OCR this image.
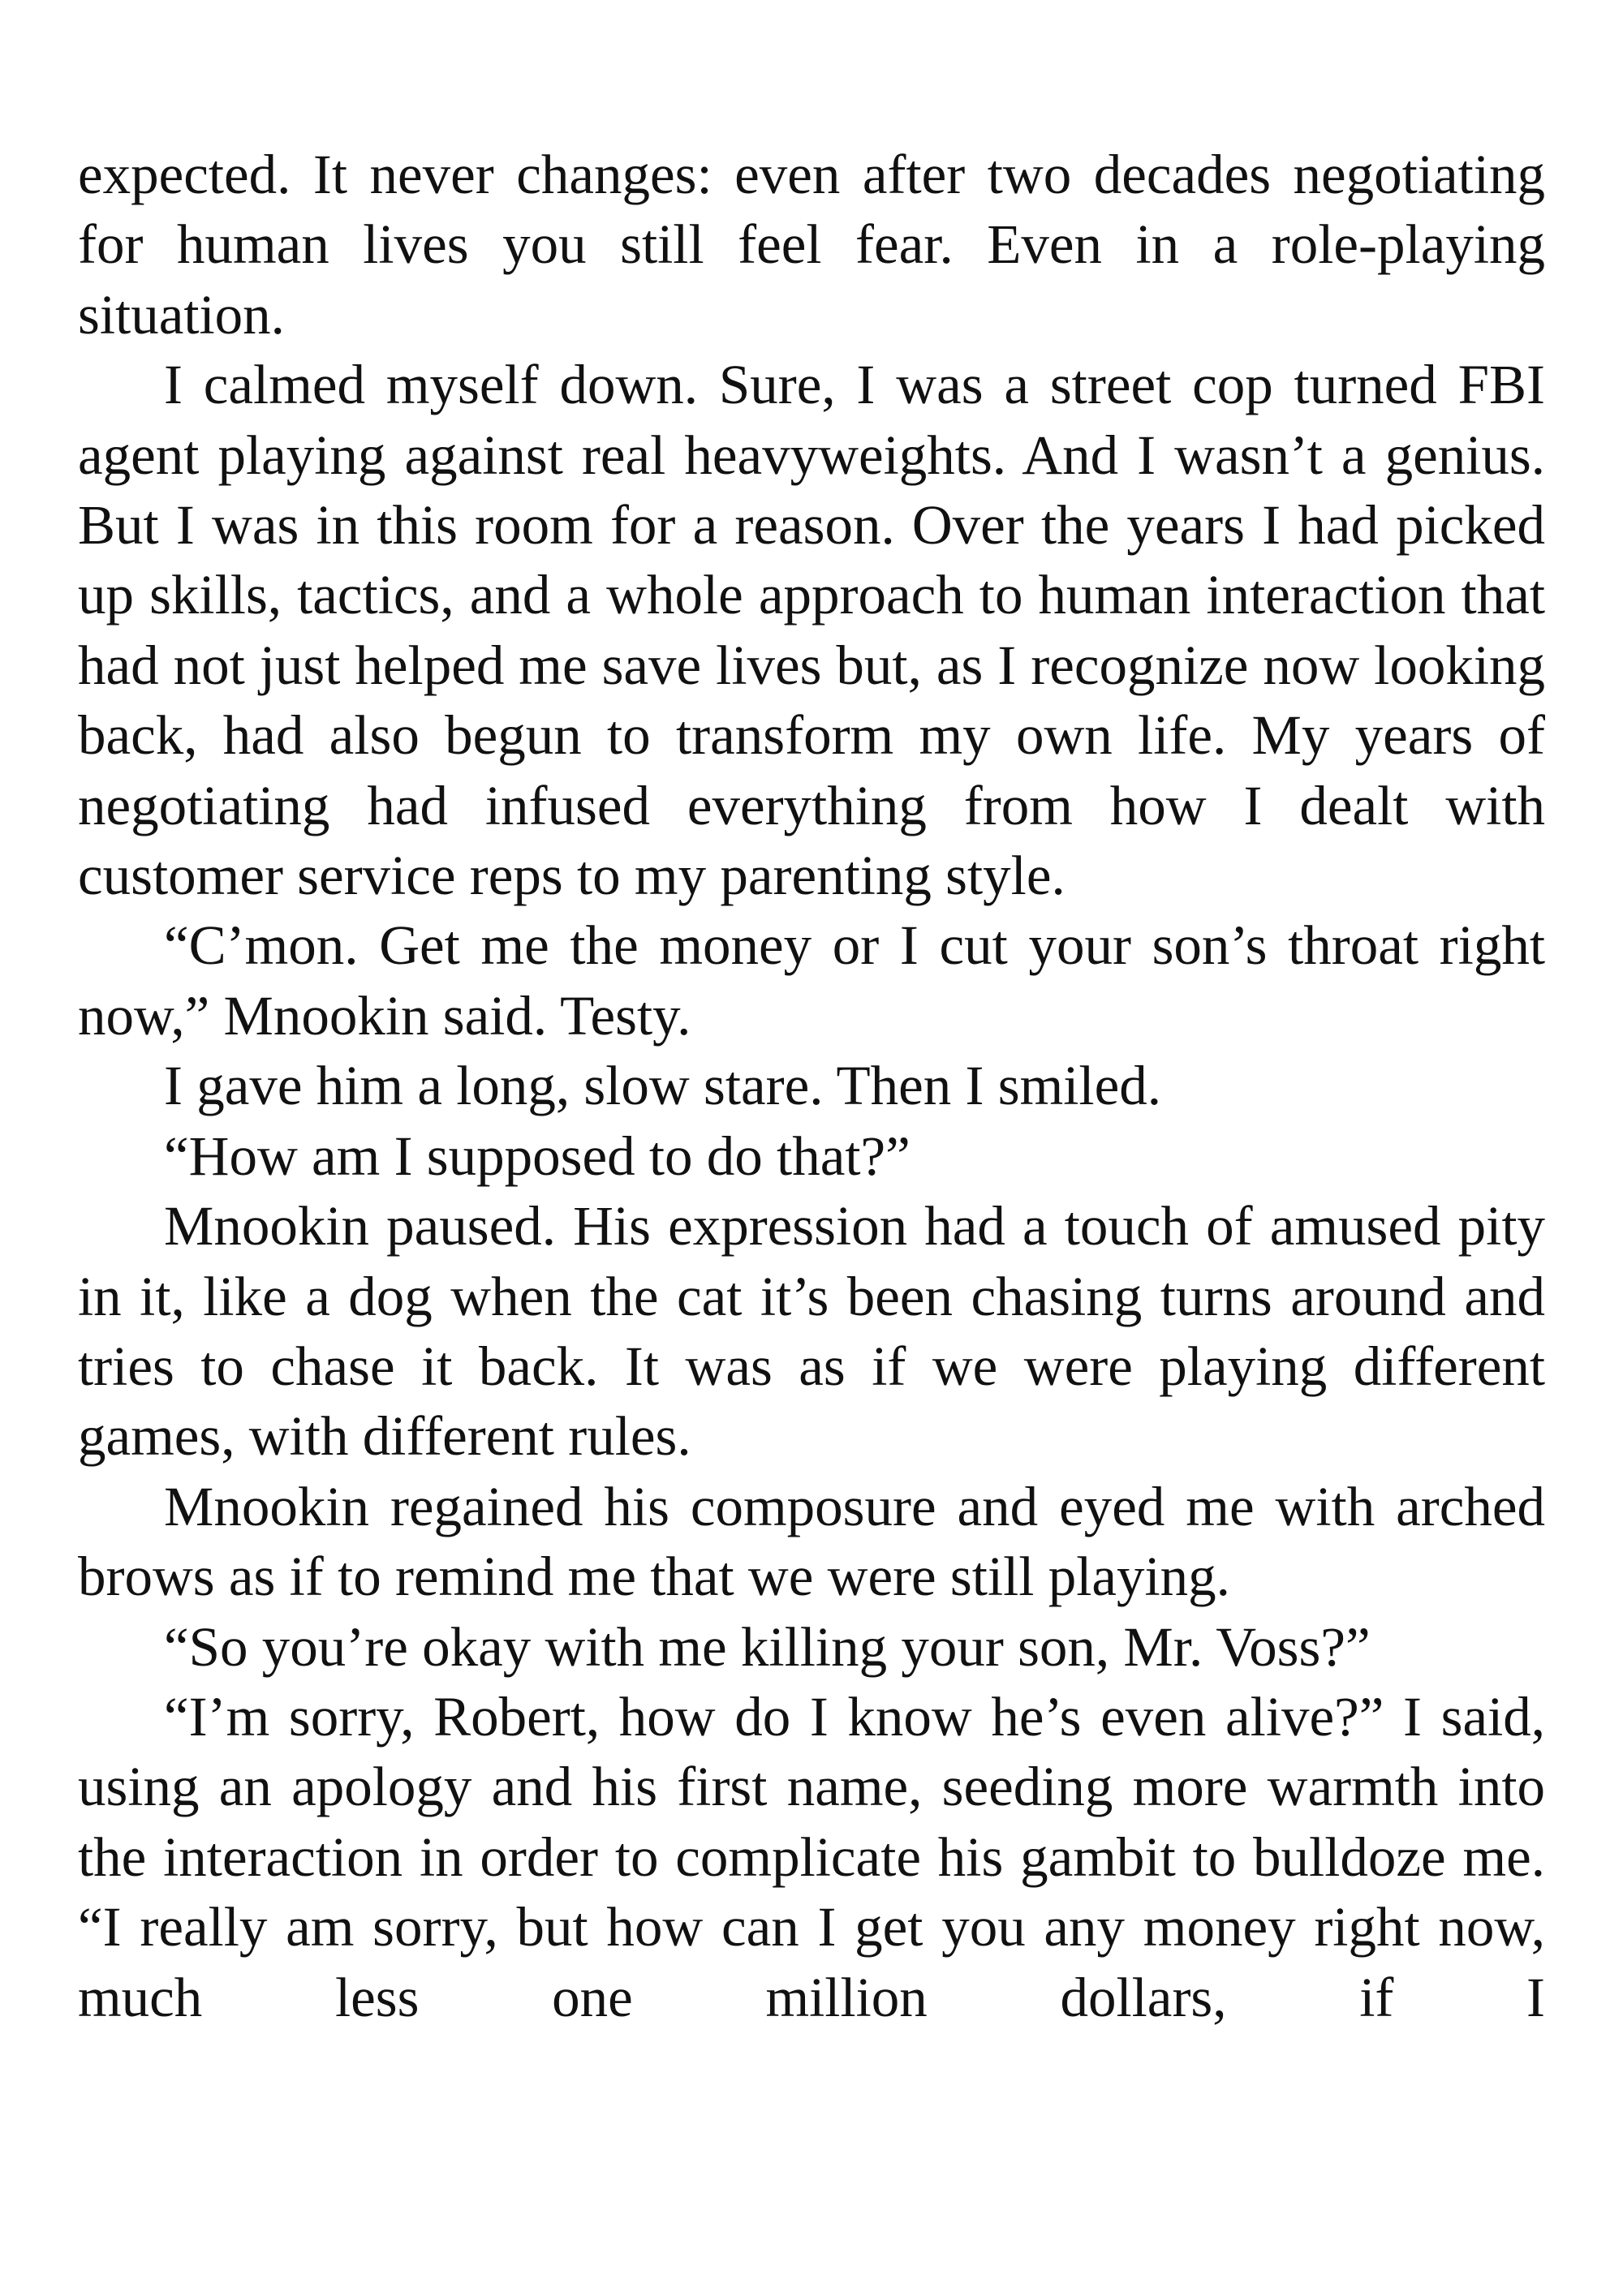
expected. It never changes: even after two decades negotiating for human lives you still feel fear. Even in a role-playing situation.

I calmed myself down. Sure, I was a street cop turned FBI agent playing against real heavyweights. And I wasn’t a genius. But I was in this room for a reason. Over the years I had picked up skills, tactics, and a whole approach to human interaction that had not just helped me save lives but, as I recognize now looking back, had also begun to transform my own life. My years of negotiating had infused everything from how I dealt with customer service reps to my parenting style.

“C’mon. Get me the money or I cut your son’s throat right now,” Mnookin said. Testy.

I gave him a long, slow stare. Then I smiled.

“How am I supposed to do that?”

Mnookin paused. His expression had a touch of amused pity in it, like a dog when the cat it’s been chasing turns around and tries to chase it back. It was as if we were playing different games, with different rules.

Mnookin regained his composure and eyed me with arched brows as if to remind me that we were still playing.

“So you’re okay with me killing your son, Mr. Voss?”

“I’m sorry, Robert, how do I know he’s even alive?” I said, using an apology and his first name, seeding more warmth into the interaction in order to complicate his gambit to bulldoze me. “I really am sorry, but how can I get you any money right now, much less one million dollars, if I
